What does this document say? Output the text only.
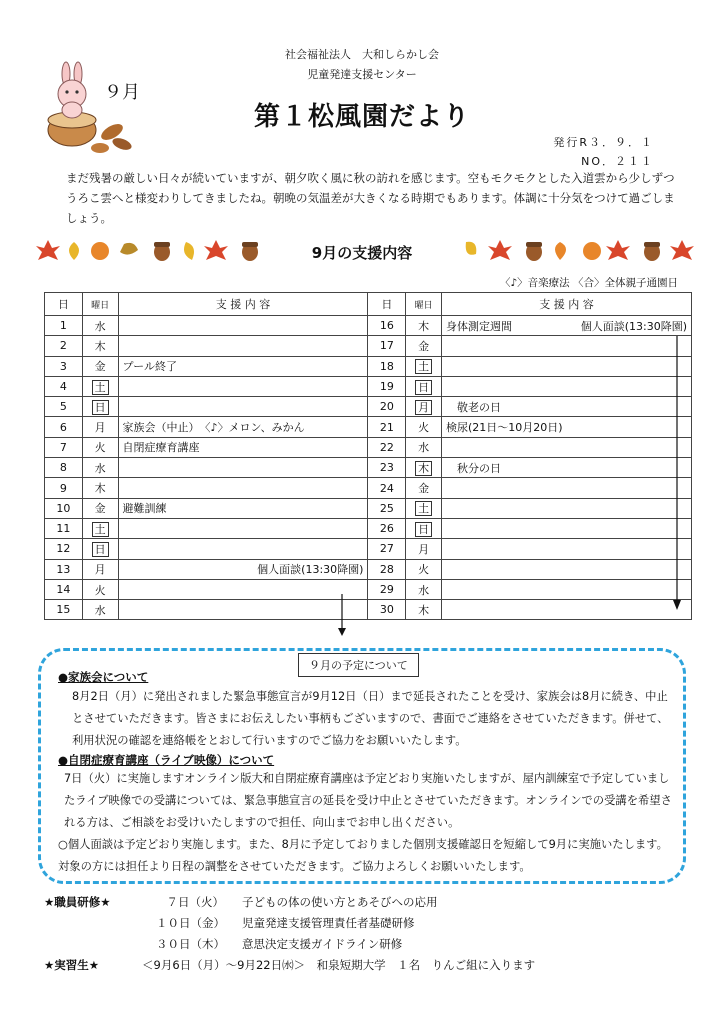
社会福祉法人　大和しらかし会
児童発達支援センター
９月
第１松風園だより
発行R３．９．１
NO．２１１
まだ残暑の厳しい日々が続いていますが、朝夕吹く風に秋の訪れを感じます。空もモクモクとした入道雲から少しずつうろこ雲へと様変わりしてきましたね。朝晩の気温差が大きくなる時期でもあります。体調に十分気をつけて過ごしましょう。
9月の支援内容
〈♪〉音楽療法 〈合〉全体親子通園日
日	曜日	支 援 内 容	日	曜日	支 援 内 容
1	水		16	木	身体測定週間 個人面談(13:30降園)

2	木		17	金	
3	金	プール終了	18	土	
4	土		19	日	
5	日		20	月	　敬老の日
6	月	家族会（中止）　〈♪〉メロン、みかん	21	火	検尿(21日～10月20日)
7	火	自閉症療育講座	22	水	
8	水		23	木	　秋分の日
9	木		24	金	
10	金	避難訓練	25	土	
11	土		26	日	
12	日		27	月	
13	月	個人面談(13:30降園)	28	火	
14	火		29	水	
15	水		30	木	
９月の予定について
●家族会について
8月2日（月）に発出されました緊急事態宣言が9月12日（日）まで延長されたことを受け、家族会は8月に続き、中止とさせていただきます。皆さまにお伝えしたい事柄もございますので、書面でご連絡をさせていただきます。併せて、利用状況の確認を連絡帳をとおして行いますのでご協力をお願いいたします。
●自閉症療育講座（ライブ映像）について
7日（火）に実施しますオンライン版大和自閉症療育講座は予定どおり実施いたしますが、屋内訓練室で予定していましたライブ映像での受講については、緊急事態宣言の延長を受け中止とさせていただきます。オンラインでの受講を希望される方は、ご相談をお受けいたしますので担任、向山までお申し出ください。
○個人面談は予定どおり実施します。また、8月に予定しておりました個別支援確認日を短縮して9月に実施いたします。対象の方には担任より日程の調整をさせていただきます。ご協力よろしくお願いいたします。
★職員研修★	７日（火）	子どもの体の使い方とあそびへの応用
１０日（金）	児童発達支援管理責任者基礎研修
３０日（木）	意思決定支援ガイドライン研修
★実習生★	＜9月6日（月）～9月22日㈬＞　和泉短期大学　１名　りんご組に入ります
